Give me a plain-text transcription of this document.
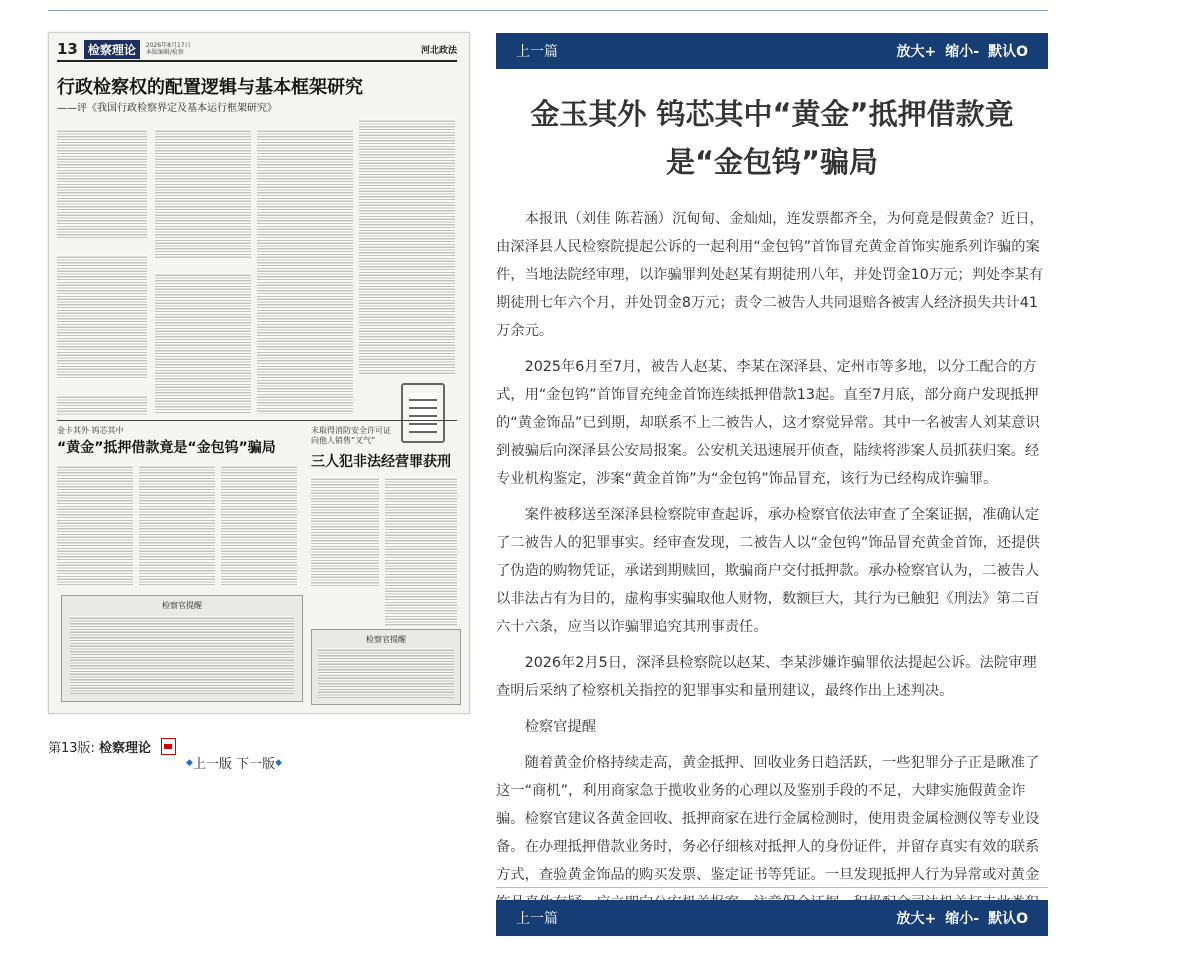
13 检察理论	2026年8月17日
本版编辑/检察	河北政法
行政检察权的配置逻辑与基本框架研究
——评《我国行政检察界定及基本运行框架研究》
金卡其外 钨芯其中
“黄金”抵押借款竟是“金包钨”骗局
未取得消防安全许可证
向他人销售“叉气”
三人犯非法经营罪获刑
检察官提醒
检察官提醒
第13版: 检察理论
◆ 上一版
下一版 ◆
上一篇	放大+ 缩小- 默认O
金玉其外 钨芯其中“黄金”抵押借款竟是“金包钨”骗局

本报讯（刘佳 陈若涵）沉甸甸、金灿灿，连发票都齐全，为何竟是假黄金？近日，由深泽县人民检察院提起公诉的一起利用“金包钨”首饰冒充黄金首饰实施系列诈骗的案件，当地法院经审理，以诈骗罪判处赵某有期徒刑八年，并处罚金10万元；判处李某有期徒刑七年六个月，并处罚金8万元；责令二被告人共同退赔各被害人经济损失共计41万余元。

2025年6月至7月，被告人赵某、李某在深泽县、定州市等多地，以分工配合的方式，用“金包钨”首饰冒充纯金首饰连续抵押借款13起。直至7月底，部分商户发现抵押的“黄金饰品”已到期，却联系不上二被告人，这才察觉异常。其中一名被害人刘某意识到被骗后向深泽县公安局报案。公安机关迅速展开侦查，陆续将涉案人员抓获归案。经专业机构鉴定，涉案“黄金首饰”为“金包钨”饰品冒充，该行为已经构成诈骗罪。

案件被移送至深泽县检察院审查起诉，承办检察官依法审查了全案证据，准确认定了二被告人的犯罪事实。经审查发现，二被告人以“金包钨”饰品冒充黄金首饰，还提供了伪造的购物凭证，承诺到期赎回，欺骗商户交付抵押款。承办检察官认为，二被告人以非法占有为目的，虚构事实骗取他人财物，数额巨大，其行为已触犯《刑法》第二百六十六条，应当以诈骗罪追究其刑事责任。

2026年2月5日，深泽县检察院以赵某、李某涉嫌诈骗罪依法提起公诉。法院审理查明后采纳了检察机关指控的犯罪事实和量刑建议，最终作出上述判决。

检察官提醒

随着黄金价格持续走高，黄金抵押、回收业务日趋活跃，一些犯罪分子正是瞅准了这一“商机”，利用商家急于揽收业务的心理以及鉴别手段的不足，大肆实施假黄金诈骗。检察官建议各黄金回收、抵押商家在进行金属检测时，使用贵金属检测仪等专业设备。在办理抵押借款业务时，务必仔细核对抵押人的身份证件，并留存真实有效的联系方式，查验黄金饰品的购买发票、鉴定证书等凭证。一旦发现抵押人行为异常或对黄金

上一篇	放大+ 缩小- 默认O
